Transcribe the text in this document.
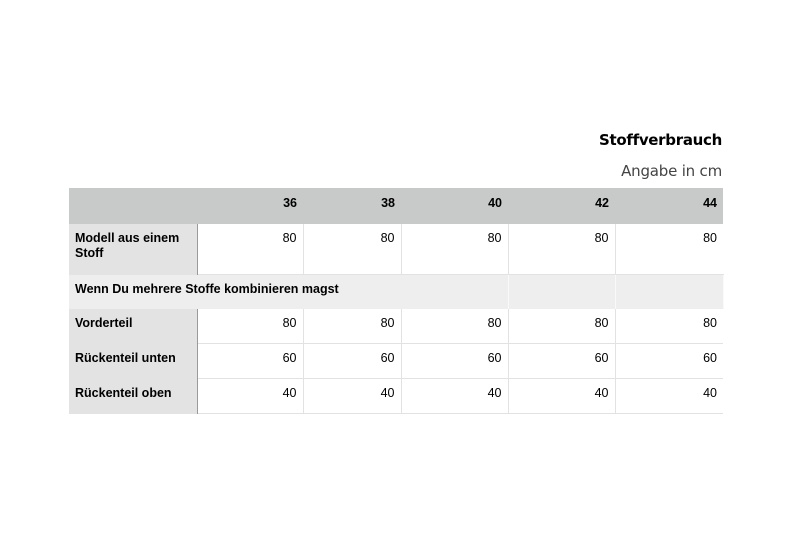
Stoffverbrauch
Angabe in cm
	36	38	40	42	44
Modell aus einem Stoff	80	80	80	80	80
Wenn Du mehrere Stoffe kombinieren magst					
Vorderteil	80	80	80	80	80
Rückenteil unten	60	60	60	60	60
Rückenteil oben	40	40	40	40	40
